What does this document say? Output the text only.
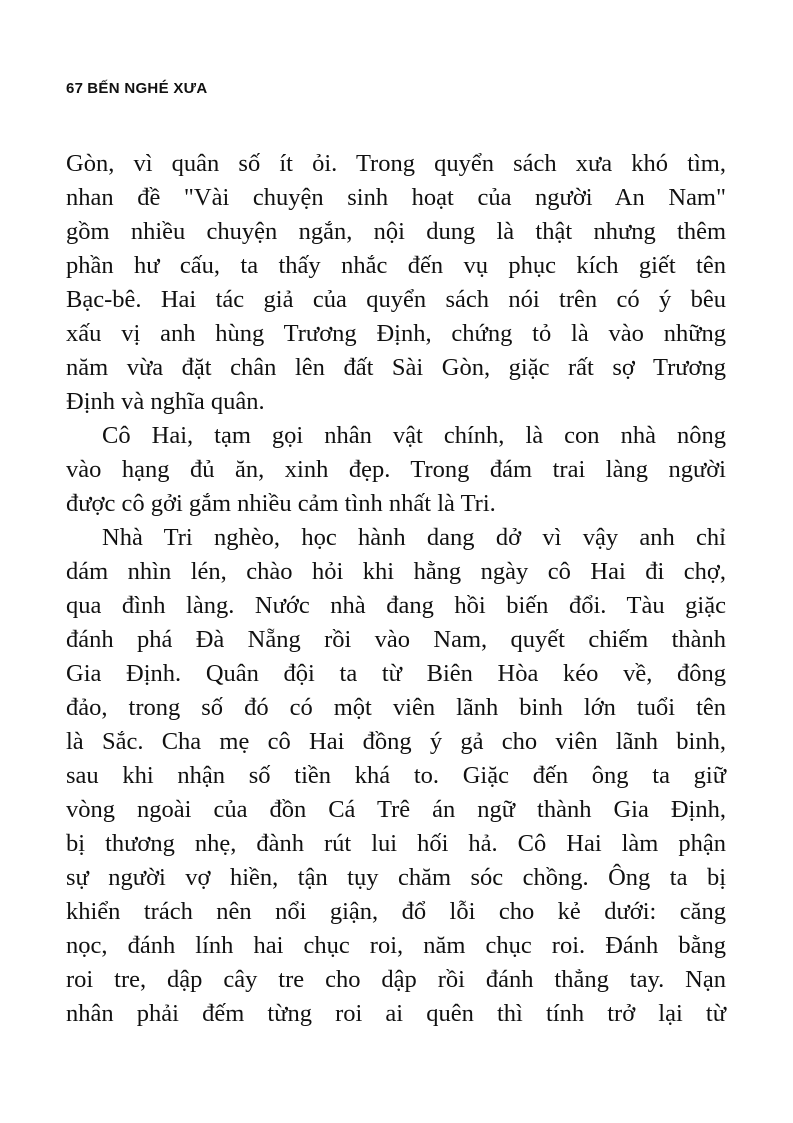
67 BẾN NGHÉ XƯA
Gòn, vì quân số ít ỏi. Trong quyển sách xưa khó tìm,
nhan đề "Vài chuyện sinh hoạt của người An Nam"
gồm nhiều chuyện ngắn, nội dung là thật nhưng thêm
phần hư cấu, ta thấy nhắc đến vụ phục kích giết tên
Bạc-bê. Hai tác giả của quyển sách nói trên có ý bêu
xấu vị anh hùng Trương Định, chứng tỏ là vào những
năm vừa đặt chân lên đất Sài Gòn, giặc rất sợ Trương
Định và nghĩa quân.
Cô Hai, tạm gọi nhân vật chính, là con nhà nông
vào hạng đủ ăn, xinh đẹp. Trong đám trai làng người
được cô gởi gắm nhiều cảm tình nhất là Tri.
Nhà Tri nghèo, học hành dang dở vì vậy anh chỉ
dám nhìn lén, chào hỏi khi hằng ngày cô Hai đi chợ,
qua đình làng. Nước nhà đang hồi biến đổi. Tàu giặc
đánh phá Đà Nẵng rồi vào Nam, quyết chiếm thành
Gia Định. Quân đội ta từ Biên Hòa kéo về, đông
đảo, trong số đó có một viên lãnh binh lớn tuổi tên
là Sắc. Cha mẹ cô Hai đồng ý gả cho viên lãnh binh,
sau khi nhận số tiền khá to. Giặc đến ông ta giữ
vòng ngoài của đồn Cá Trê án ngữ thành Gia Định,
bị thương nhẹ, đành rút lui hối hả. Cô Hai làm phận
sự người vợ hiền, tận tụy chăm sóc chồng. Ông ta bị
khiển trách nên nổi giận, đổ lỗi cho kẻ dưới: căng
nọc, đánh lính hai chục roi, năm chục roi. Đánh bằng
roi tre, dập cây tre cho dập rồi đánh thẳng tay. Nạn
nhân phải đếm từng roi ai quên thì tính trở lại từ
